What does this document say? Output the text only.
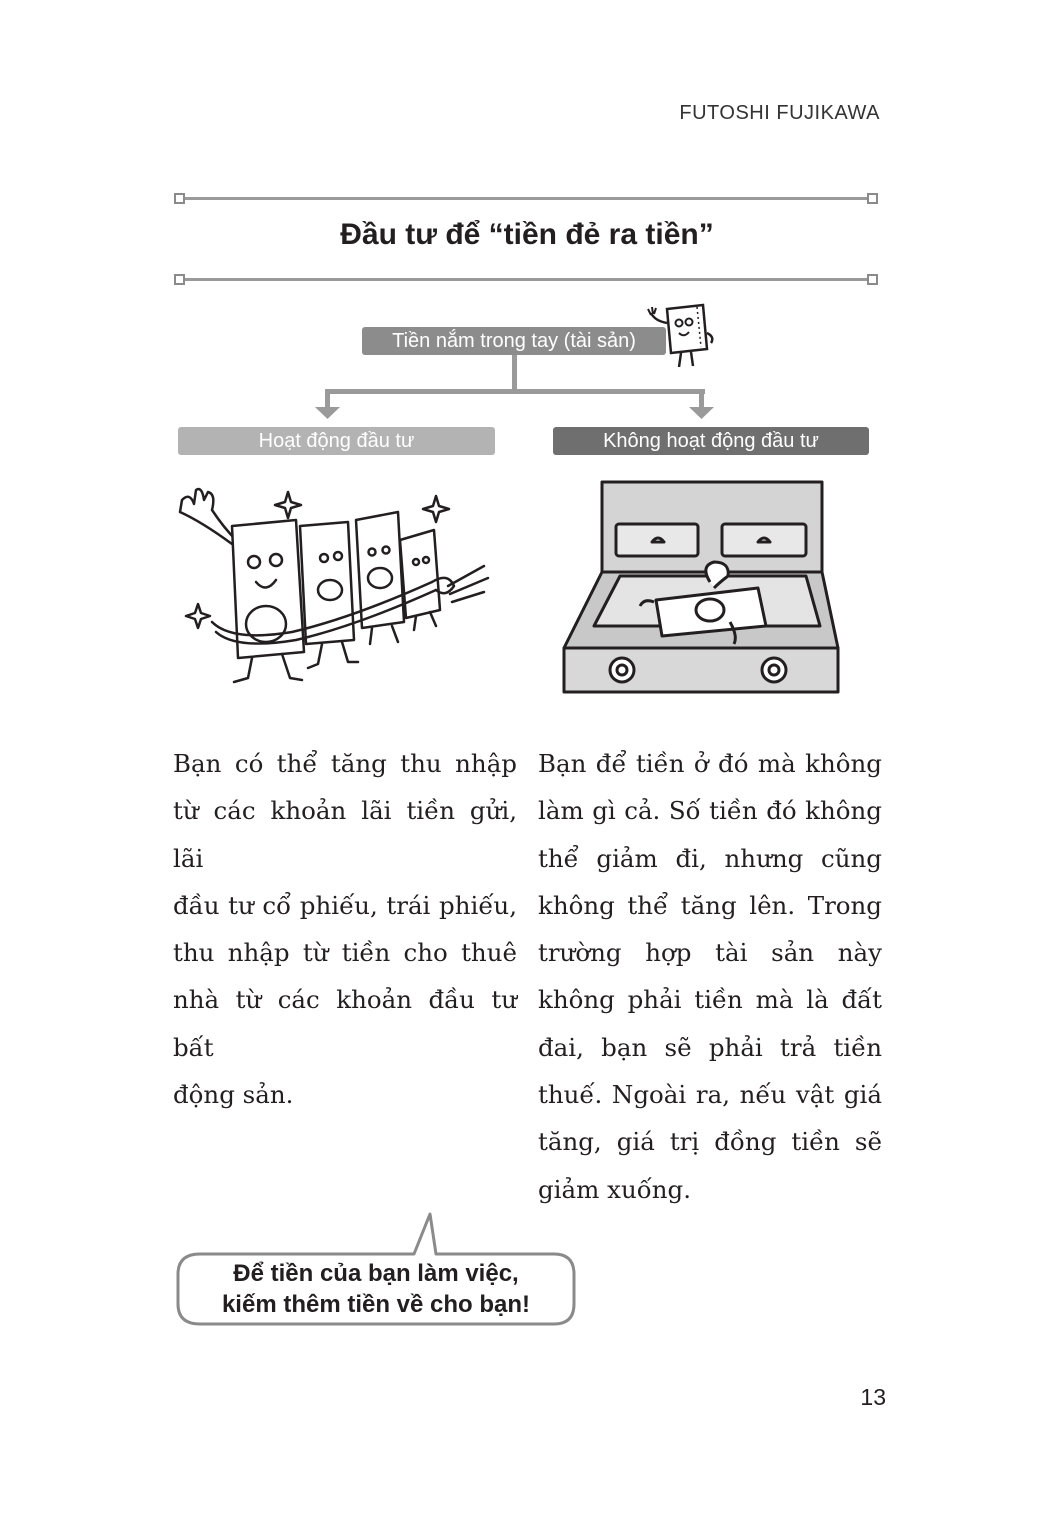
FUTOSHI FUJIKAWA
Đầu tư để “tiền đẻ ra tiền”
Tiền nắm trong tay (tài sản)
Hoạt động đầu tư	Không hoạt động đầu tư
Bạn có thể tăng thu nhập
từ các khoản lãi tiền gửi, lãi
đầu tư cổ phiếu, trái phiếu,
thu nhập từ tiền cho thuê
nhà từ các khoản đầu tư bất
động sản.
Bạn để tiền ở đó mà không
làm gì cả. Số tiền đó không
thể giảm đi, nhưng cũng
không thể tăng lên. Trong
trường hợp tài sản này
không phải tiền mà là đất
đai, bạn sẽ phải trả tiền
thuế. Ngoài ra, nếu vật giá
tăng, giá trị đồng tiền sẽ
giảm xuống.
Để tiền của bạn làm việc,
kiếm thêm tiền về cho bạn!
13
